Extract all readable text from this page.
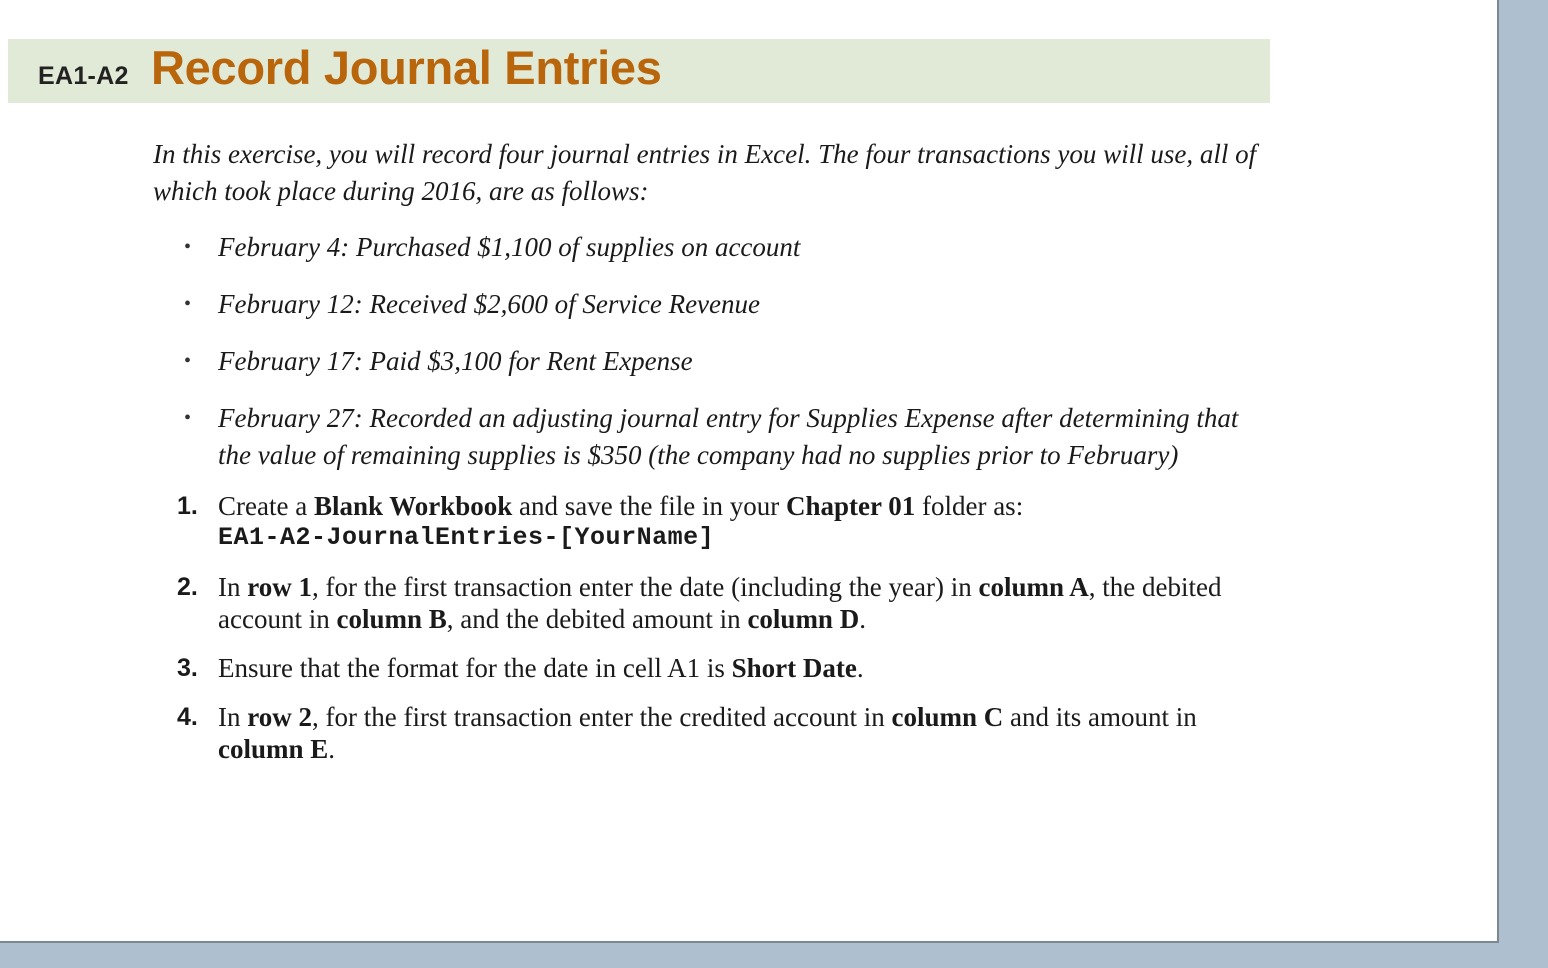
EA1-A2 Record Journal Entries
In this exercise, you will record four journal entries in Excel. The four transactions you will use, all of which took place during 2016, are as follows:
• February 4: Purchased $1,100 of supplies on account
• February 12: Received $2,600 of Service Revenue
• February 17: Paid $3,100 for Rent Expense
• February 27: Recorded an adjusting journal entry for Supplies Expense after determining that the value of remaining supplies is $350 (the company had no supplies prior to February)
1. Create a Blank Workbook and save the file in your Chapter 01 folder as:
EA1-A2-JournalEntries-[YourName]
2. In row 1, for the first transaction enter the date (including the year) in column A, the debited account in column B, and the debited amount in column D.
3. Ensure that the format for the date in cell A1 is Short Date.
4. In row 2, for the first transaction enter the credited account in column C and its amount in column E.
